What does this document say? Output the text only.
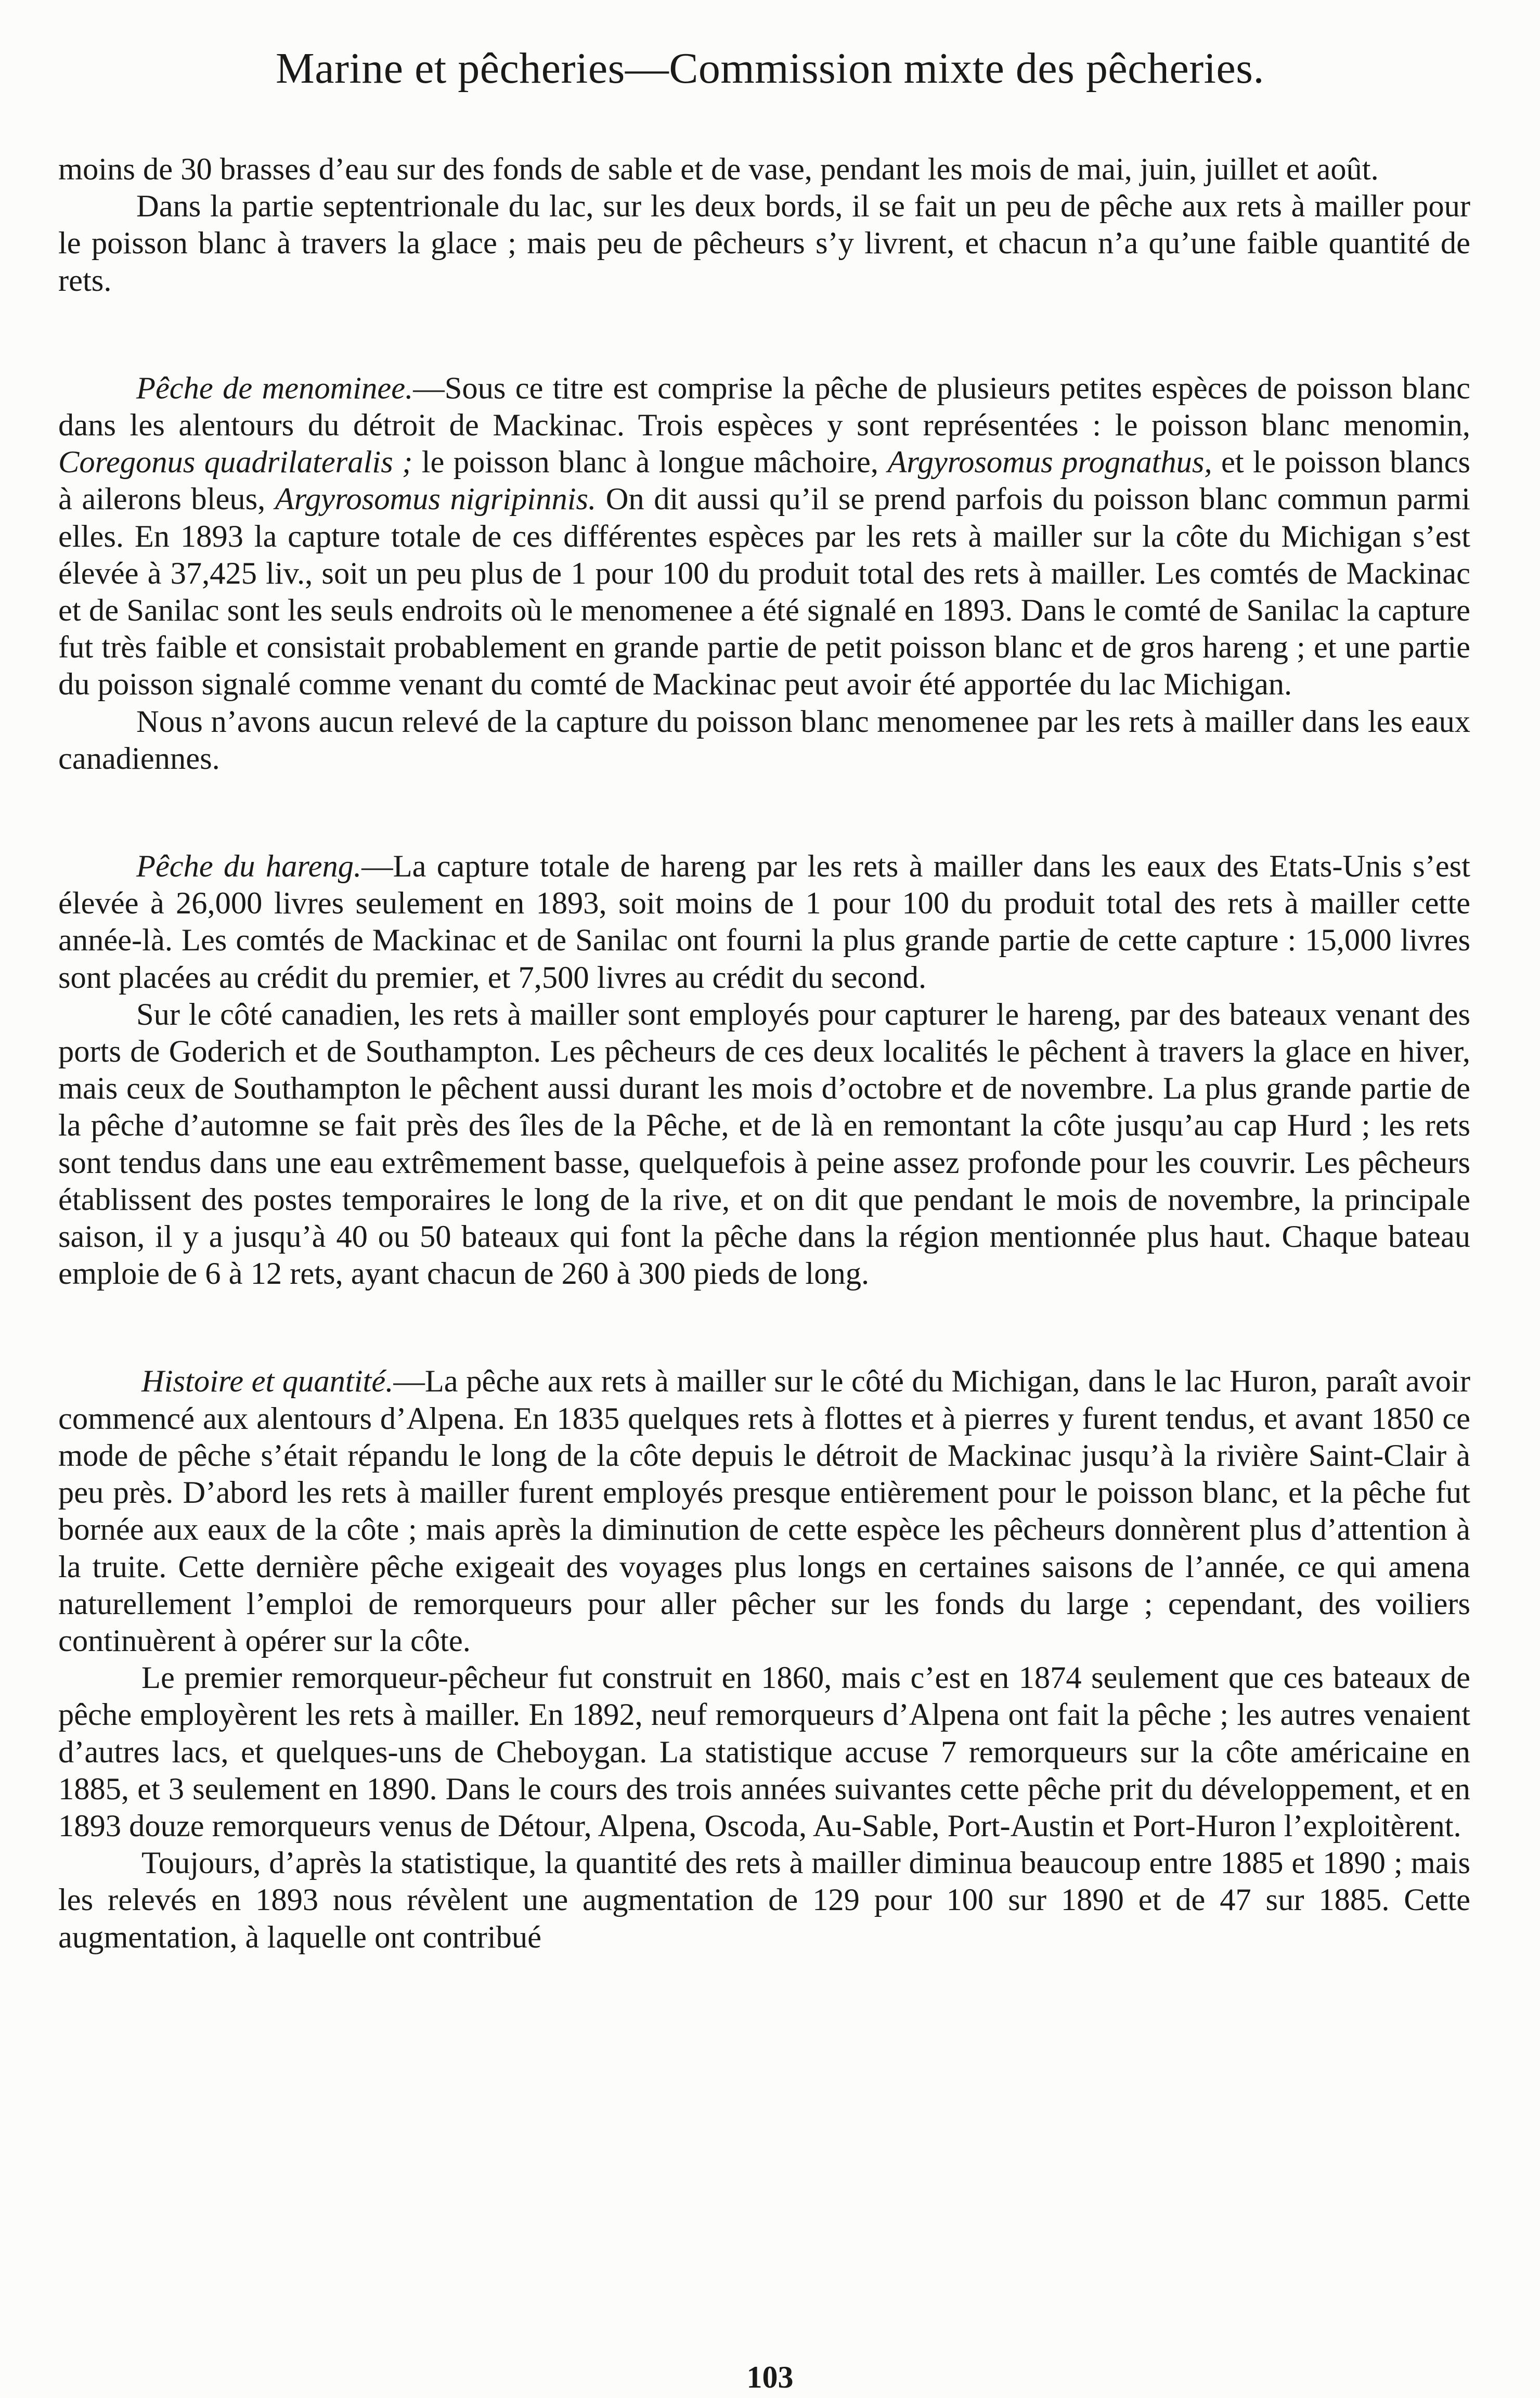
Marine et pêcheries—Commission mixte des pêcheries.

moins de 30 brasses d’eau sur des fonds de sable et de vase, pendant les mois de mai, juin, juillet et août.

Dans la partie septentrionale du lac, sur les deux bords, il se fait un peu de pêche aux rets à mailler pour le poisson blanc à travers la glace ; mais peu de pêcheurs s’y livrent, et chacun n’a qu’une faible quantité de rets.

Pêche de menominee.—Sous ce titre est comprise la pêche de plusieurs petites espèces de poisson blanc dans les alentours du détroit de Mackinac. Trois espèces y sont représentées : le poisson blanc menomin, Coregonus quadrilateralis ; le poisson blanc à longue mâchoire, Argyrosomus prognathus, et le poisson blancs à ailerons bleus, Argyrosomus nigripinnis. On dit aussi qu’il se prend parfois du poisson blanc commun parmi elles. En 1893 la capture totale de ces différentes espèces par les rets à mailler sur la côte du Michigan s’est élevée à 37,425 liv., soit un peu plus de 1 pour 100 du produit total des rets à mailler. Les comtés de Mackinac et de Sanilac sont les seuls endroits où le menomenee a été signalé en 1893. Dans le comté de Sanilac la capture fut très faible et consistait probablement en grande partie de petit poisson blanc et de gros hareng ; et une partie du poisson signalé comme venant du comté de Mackinac peut avoir été apportée du lac Michigan.

Nous n’avons aucun relevé de la capture du poisson blanc menomenee par les rets à mailler dans les eaux canadiennes.

Pêche du hareng.—La capture totale de hareng par les rets à mailler dans les eaux des Etats-Unis s’est élevée à 26,000 livres seulement en 1893, soit moins de 1 pour 100 du produit total des rets à mailler cette année-là. Les comtés de Mackinac et de Sanilac ont fourni la plus grande partie de cette capture : 15,000 livres sont placées au crédit du premier, et 7,500 livres au crédit du second.

Sur le côté canadien, les rets à mailler sont employés pour capturer le hareng, par des bateaux venant des ports de Goderich et de Southampton. Les pêcheurs de ces deux localités le pêchent à travers la glace en hiver, mais ceux de Southampton le pêchent aussi durant les mois d’octobre et de novembre. La plus grande partie de la pêche d’automne se fait près des îles de la Pêche, et de là en remontant la côte jusqu’au cap Hurd ; les rets sont tendus dans une eau extrêmement basse, quelquefois à peine assez profonde pour les couvrir. Les pêcheurs établissent des postes temporaires le long de la rive, et on dit que pendant le mois de novembre, la principale saison, il y a jusqu’à 40 ou 50 bateaux qui font la pêche dans la région mentionnée plus haut. Chaque bateau emploie de 6 à 12 rets, ayant chacun de 260 à 300 pieds de long.

Histoire et quantité.—La pêche aux rets à mailler sur le côté du Michigan, dans le lac Huron, paraît avoir commencé aux alentours d’Alpena. En 1835 quelques rets à flottes et à pierres y furent tendus, et avant 1850 ce mode de pêche s’était répandu le long de la côte depuis le détroit de Mackinac jusqu’à la rivière Saint-Clair à peu près. D’abord les rets à mailler furent employés presque entièrement pour le poisson blanc, et la pêche fut bornée aux eaux de la côte ; mais après la diminution de cette espèce les pêcheurs donnèrent plus d’attention à la truite. Cette dernière pêche exigeait des voyages plus longs en certaines saisons de l’année, ce qui amena naturellement l’emploi de remorqueurs pour aller pêcher sur les fonds du large ; cependant, des voiliers continuèrent à opérer sur la côte.

Le premier remorqueur-pêcheur fut construit en 1860, mais c’est en 1874 seulement que ces bateaux de pêche employèrent les rets à mailler. En 1892, neuf remorqueurs d’Alpena ont fait la pêche ; les autres venaient d’autres lacs, et quelques-uns de Cheboygan. La statistique accuse 7 remorqueurs sur la côte américaine en 1885, et 3 seulement en 1890. Dans le cours des trois années suivantes cette pêche prit du développement, et en 1893 douze remorqueurs venus de Détour, Alpena, Oscoda, Au-Sable, Port-Austin et Port-Huron l’exploitèrent.

Toujours, d’après la statistique, la quantité des rets à mailler diminua beaucoup entre 1885 et 1890 ; mais les relevés en 1893 nous révèlent une augmentation de 129 pour 100 sur 1890 et de 47 sur 1885. Cette augmentation, à laquelle ont contribué

103
